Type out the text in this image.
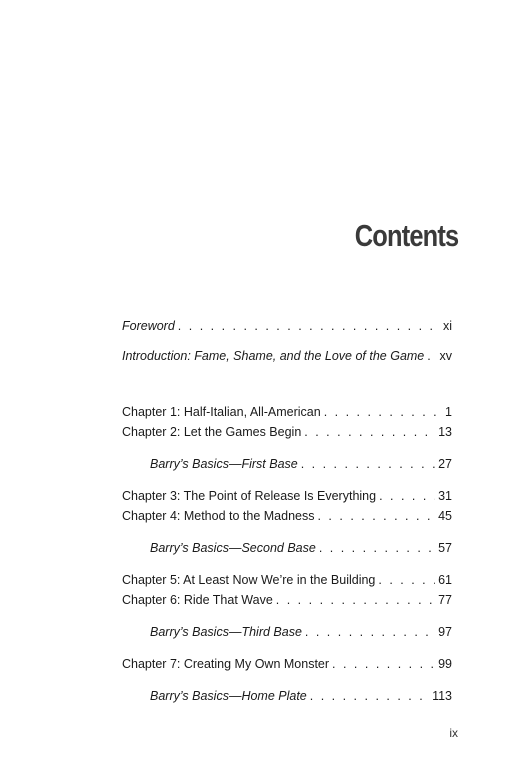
Contents
Foreword . . .	xi
Introduction: Fame, Shame, and the Love of the Game . . . xv
Chapter 1: Half-Italian, All-American . . .	1
Chapter 2: Let the Games Begin . . .	13
Barry’s Basics—First Base . . .	27
Chapter 3: The Point of Release Is Everything . . .	31
Chapter 4: Method to the Madness . . .	45
Barry’s Basics—Second Base . . .	57
Chapter 5: At Least Now We’re in the Building . . .	61
Chapter 6: Ride That Wave . . .	77
Barry’s Basics—Third Base . . .	97
Chapter 7: Creating My Own Monster . . .	99
Barry’s Basics—Home Plate . . .	113
ix
